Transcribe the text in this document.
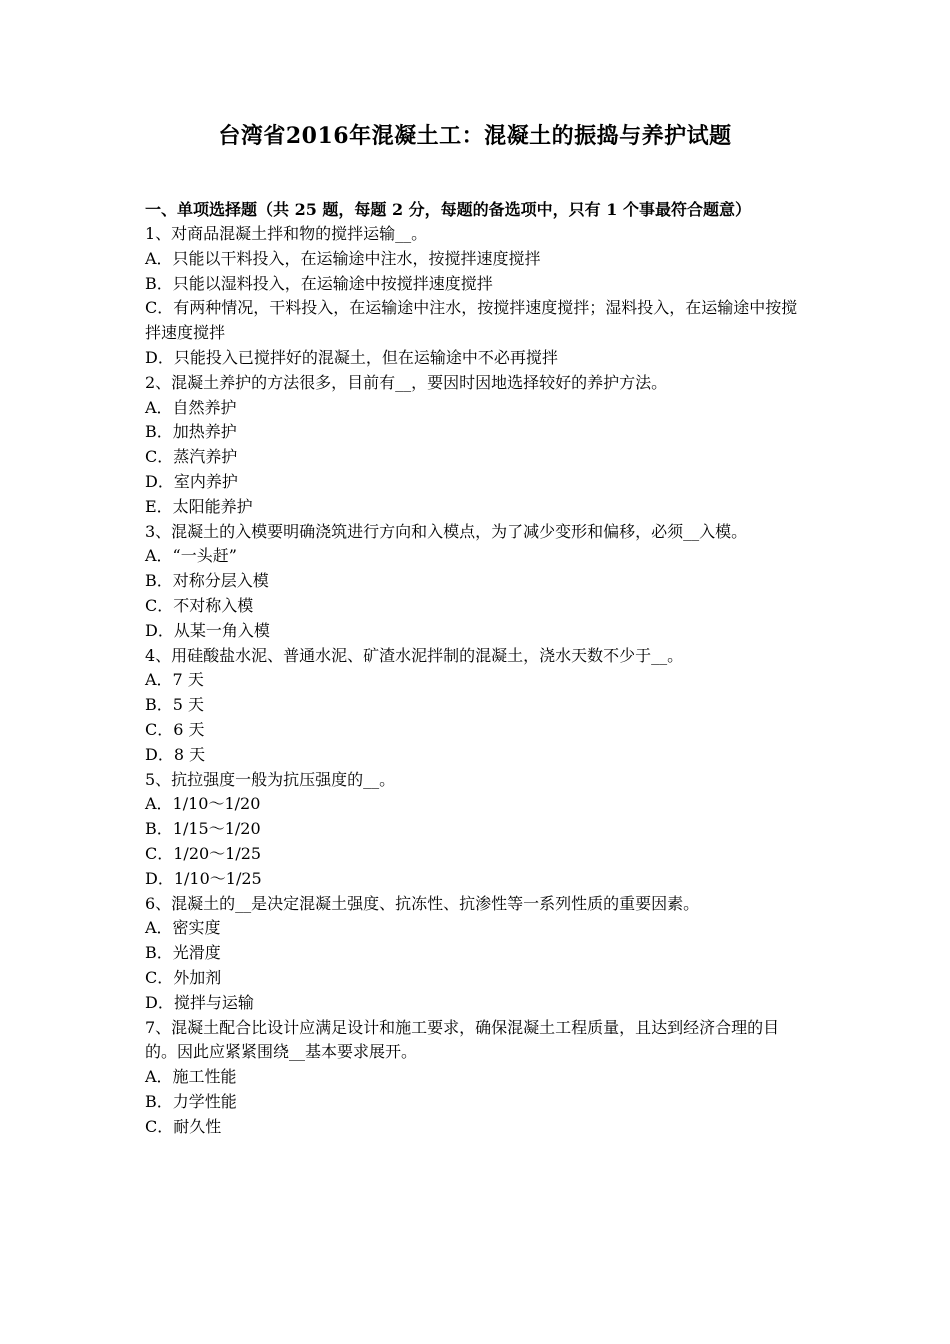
台湾省2016年混凝土工：混凝土的振捣与养护试题
一、单项选择题（共 25 题，每题 2 分，每题的备选项中，只有 1 个事最符合题意）
1、对商品混凝土拌和物的搅拌运输__。
A．只能以干料投入，在运输途中注水，按搅拌速度搅拌
B．只能以湿料投入，在运输途中按搅拌速度搅拌
C．有两种情况，干料投入，在运输途中注水，按搅拌速度搅拌；湿料投入，在运输途中按搅拌速度搅拌
D．只能投入已搅拌好的混凝土，但在运输途中不必再搅拌
2、混凝土养护的方法很多，目前有__，要因时因地选择较好的养护方法。
A．自然养护
B．加热养护
C．蒸汽养护
D．室内养护
E．太阳能养护
3、混凝土的入模要明确浇筑进行方向和入模点，为了减少变形和偏移，必须__入模。
A．“一头赶”
B．对称分层入模
C．不对称入模
D．从某一角入模
4、用硅酸盐水泥、普通水泥、矿渣水泥拌制的混凝土，浇水天数不少于__。
A．7 天
B．5 天
C．6 天
D．8 天
5、抗拉强度一般为抗压强度的__。
A．1/10～1/20
B．1/15～1/20
C．1/20～1/25
D．1/10～1/25
6、混凝土的__是决定混凝土强度、抗冻性、抗渗性等一系列性质的重要因素。
A．密实度
B．光滑度
C．外加剂
D．搅拌与运输
7、混凝土配合比设计应满足设计和施工要求，确保混凝土工程质量，且达到经济合理的目的。因此应紧紧围绕__基本要求展开。
A．施工性能
B．力学性能
C．耐久性
